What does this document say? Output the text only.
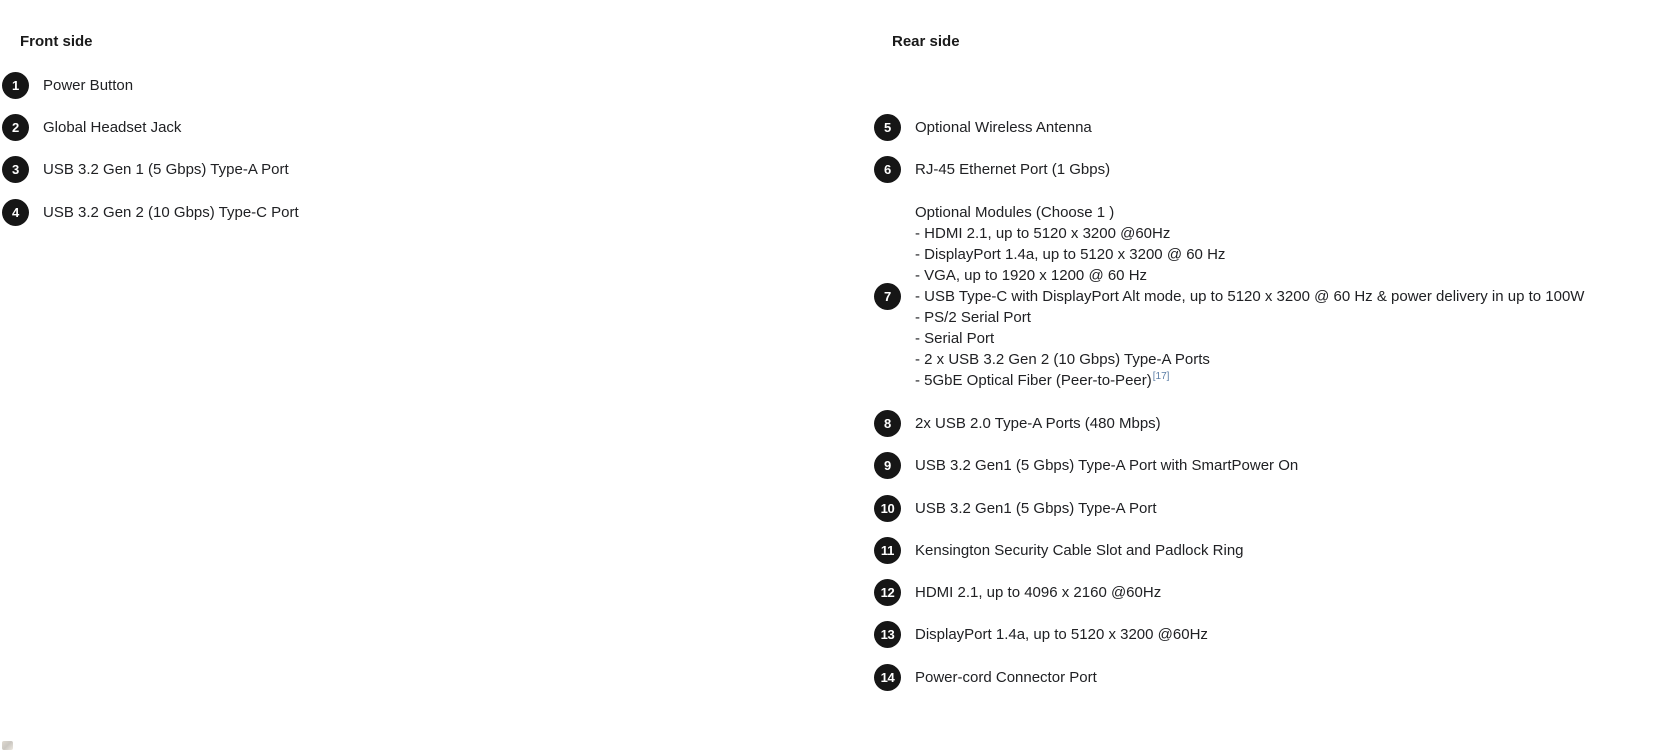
Front side
1	Power Button
2	Global Headset Jack
3	USB 3.2 Gen 1 (5 Gbps) Type-A Port
4	USB 3.2 Gen 2 (10 Gbps) Type-C Port
Rear side
5	Optional Wireless Antenna
6	RJ-45 Ethernet Port (1 Gbps)
7
Optional Modules (Choose 1 )
- HDMI 2.1, up to 5120 x 3200 @60Hz
- DisplayPort 1.4a, up to 5120 x 3200 @ 60 Hz
- VGA, up to 1920 x 1200 @ 60 Hz
- USB Type-C with DisplayPort Alt mode, up to 5120 x 3200 @ 60 Hz & power delivery in up to 100W
- PS/2 Serial Port
- Serial Port
- 2 x USB 3.2 Gen 2 (10 Gbps) Type-A Ports
- 5GbE Optical Fiber (Peer-to-Peer)[17]
8	2x USB 2.0 Type-A Ports (480 Mbps)
9	USB 3.2 Gen1 (5 Gbps) Type-A Port with SmartPower On
10	USB 3.2 Gen1 (5 Gbps) Type-A Port
11	Kensington Security Cable Slot and Padlock Ring
12	HDMI 2.1, up to 4096 x 2160 @60Hz
13	DisplayPort 1.4a, up to 5120 x 3200 @60Hz
14	Power-cord Connector Port
